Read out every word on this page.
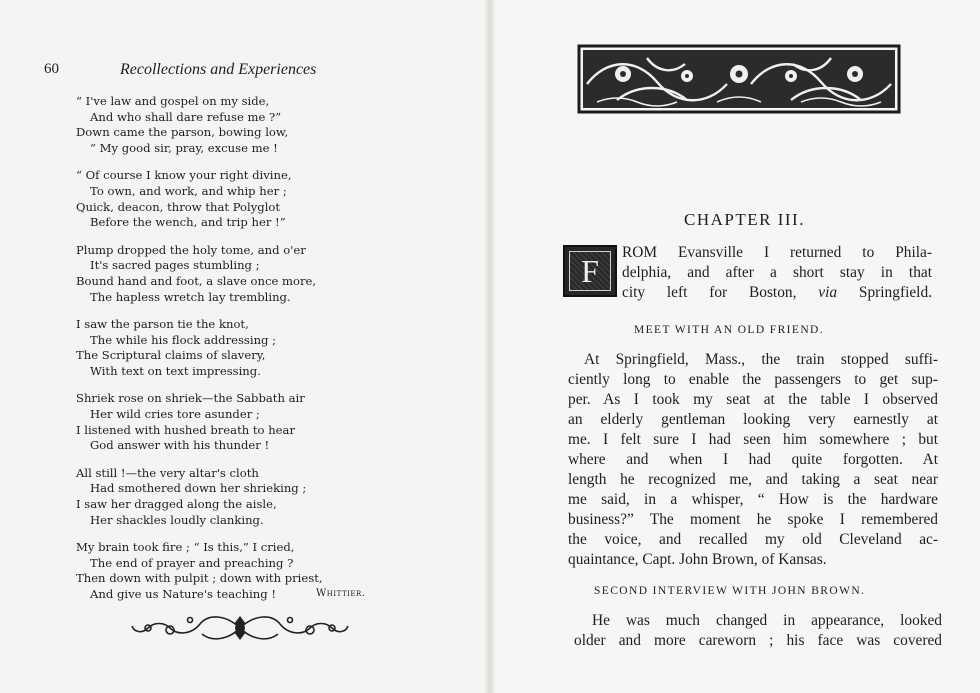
60	Recollections and Experiences
“ I've law and gospel on my side,
And who shall dare refuse me ?”
Down came the parson, bowing low,
“ My good sir, pray, excuse me !
“ Of course I know your right divine,
To own, and work, and whip her ;
Quick, deacon, throw that Polyglot
Before the wench, and trip her !”
Plump dropped the holy tome, and o'er
It's sacred pages stumbling ;
Bound hand and foot, a slave once more,
The hapless wretch lay trembling.
I saw the parson tie the knot,
The while his flock addressing ;
The Scriptural claims of slavery,
With text on text impressing.
Shriek rose on shriek—the Sabbath air
Her wild cries tore asunder ;
I listened with hushed breath to hear
God answer with his thunder !
All still !—the very altar's cloth
Had smothered down her shrieking ;
I saw her dragged along the aisle,
Her shackles loudly clanking.
My brain took fire ; “ Is this,” I cried,
The end of prayer and preaching ?
Then down with pulpit ; down with priest,
And give us Nature's teaching !	Whittier.
CHAPTER III.
F
ROM Evansville I returned to Phila-
delphia, and after a short stay in that
city left for Boston, via Springfield.
MEET WITH AN OLD FRIEND.
At Springfield, Mass., the train stopped suffi-
ciently long to enable the passengers to get sup-
per. As I took my seat at the table I observed
an elderly gentleman looking very earnestly at
me. I felt sure I had seen him somewhere ; but
where and when I had quite forgotten. At
length he recognized me, and taking a seat near
me said, in a whisper, “ How is the hardware
business?” The moment he spoke I remembered
the voice, and recalled my old Cleveland ac-
quaintance, Capt. John Brown, of Kansas.
SECOND INTERVIEW WITH JOHN BROWN.
He was much changed in appearance, looked
older and more careworn ; his face was covered
